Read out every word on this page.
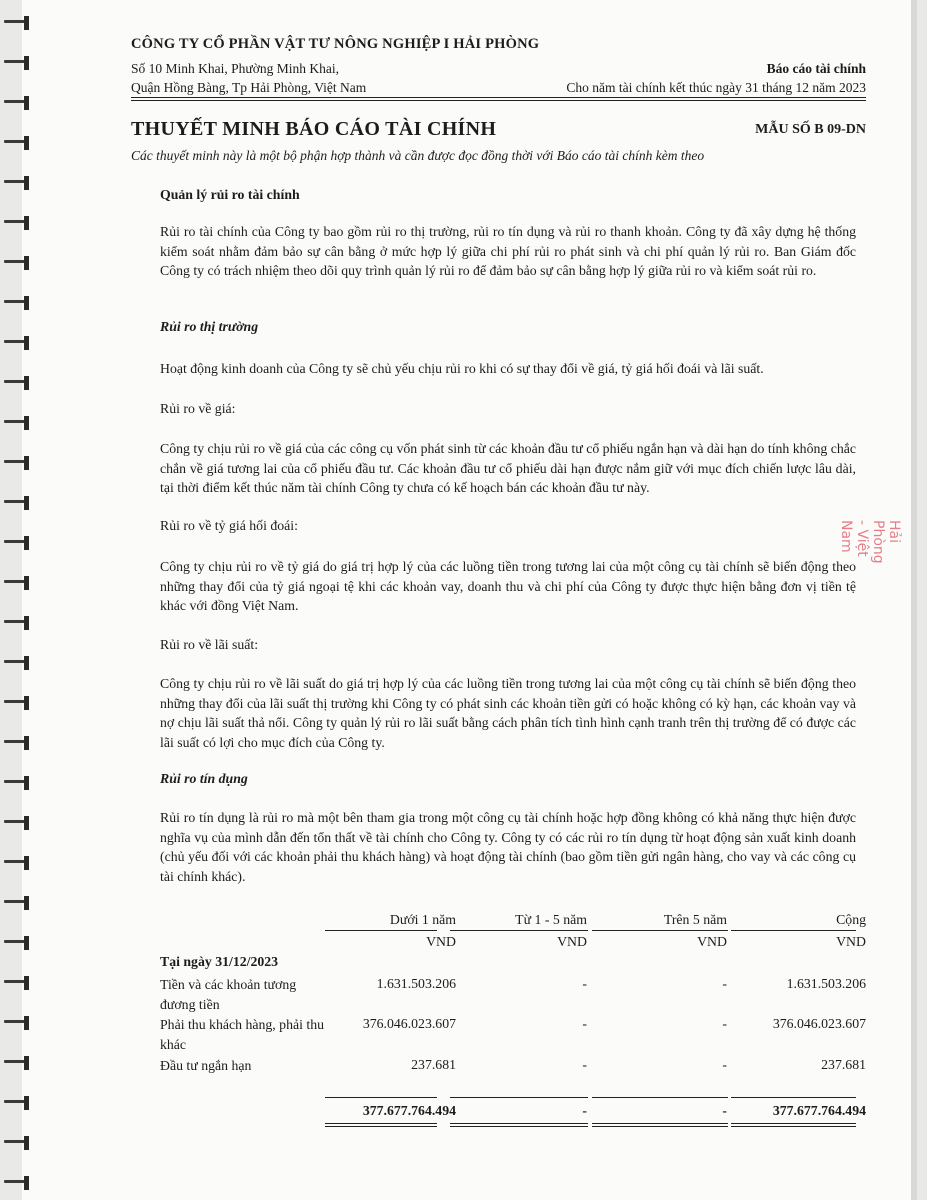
CÔNG TY CỔ PHẦN VẬT TƯ NÔNG NGHIỆP I HẢI PHÒNG

Số 10 Minh Khai, Phường Minh Khai,

Quận Hồng Bàng, Tp Hải Phòng, Việt Nam

Báo cáo tài chính

Cho năm tài chính kết thúc ngày 31 tháng 12 năm 2023

THUYẾT MINH BÁO CÁO TÀI CHÍNH	MẪU SỐ B 09-DN

Các thuyết minh này là một bộ phận hợp thành và cần được đọc đồng thời với Báo cáo tài chính kèm theo

Quản lý rủi ro tài chính

Rủi ro tài chính của Công ty bao gồm rủi ro thị trường, rủi ro tín dụng và rủi ro thanh khoản. Công ty đã xây dựng hệ thống kiểm soát nhằm đảm bảo sự cân bằng ở mức hợp lý giữa chi phí rủi ro phát sinh và chi phí quản lý rủi ro. Ban Giám đốc Công ty có trách nhiệm theo dõi quy trình quản lý rủi ro để đảm bảo sự cân bằng hợp lý giữa rủi ro và kiểm soát rủi ro.

Rủi ro thị trường

Hoạt động kinh doanh của Công ty sẽ chủ yếu chịu rủi ro khi có sự thay đổi về giá, tỷ giá hối đoái và lãi suất.

Rủi ro về giá:

Công ty chịu rủi ro về giá của các công cụ vốn phát sinh từ các khoản đầu tư cổ phiếu ngắn hạn và dài hạn do tính không chắc chắn về giá tương lai của cổ phiếu đầu tư. Các khoản đầu tư cổ phiếu dài hạn được nắm giữ với mục đích chiến lược lâu dài, tại thời điểm kết thúc năm tài chính Công ty chưa có kế hoạch bán các khoản đầu tư này.

Rủi ro về tỷ giá hối đoái:

Công ty chịu rủi ro về tỷ giá do giá trị hợp lý của các luồng tiền trong tương lai của một công cụ tài chính sẽ biến động theo những thay đổi của tỷ giá ngoại tệ khi các khoản vay, doanh thu và chi phí của Công ty được thực hiện bằng đơn vị tiền tệ khác với đồng Việt Nam.

Rủi ro về lãi suất:

Công ty chịu rủi ro về lãi suất do giá trị hợp lý của các luồng tiền trong tương lai của một công cụ tài chính sẽ biến động theo những thay đổi của lãi suất thị trường khi Công ty có phát sinh các khoản tiền gửi có hoặc không có kỳ hạn, các khoản vay và nợ chịu lãi suất thả nổi. Công ty quản lý rủi ro lãi suất bằng cách phân tích tình hình cạnh tranh trên thị trường để có được các lãi suất có lợi cho mục đích của Công ty.

Rủi ro tín dụng

Rủi ro tín dụng là rủi ro mà một bên tham gia trong một công cụ tài chính hoặc hợp đồng không có khả năng thực hiện được nghĩa vụ của mình dẫn đến tổn thất về tài chính cho Công ty. Công ty có các rủi ro tín dụng từ hoạt động sản xuất kinh doanh (chủ yếu đối với các khoản phải thu khách hàng) và hoạt động tài chính (bao gồm tiền gửi ngân hàng, cho vay và các công cụ tài chính khác).

Dưới 1 năm	Từ 1 - 5 năm	Trên 5 năm	Cộng
VND	VND	VND	VND
Tại ngày 31/12/2023
Tiền và các khoản tương đương tiền
1.631.503.206	-	-	1.631.503.206
Phải thu khách hàng, phải thu khác
376.046.023.607	-	-	376.046.023.607
Đầu tư ngắn hạn	237.681	-	-	237.681
377.677.764.494	-	-	377.677.764.494
Hải Phòng - Việt Nam
